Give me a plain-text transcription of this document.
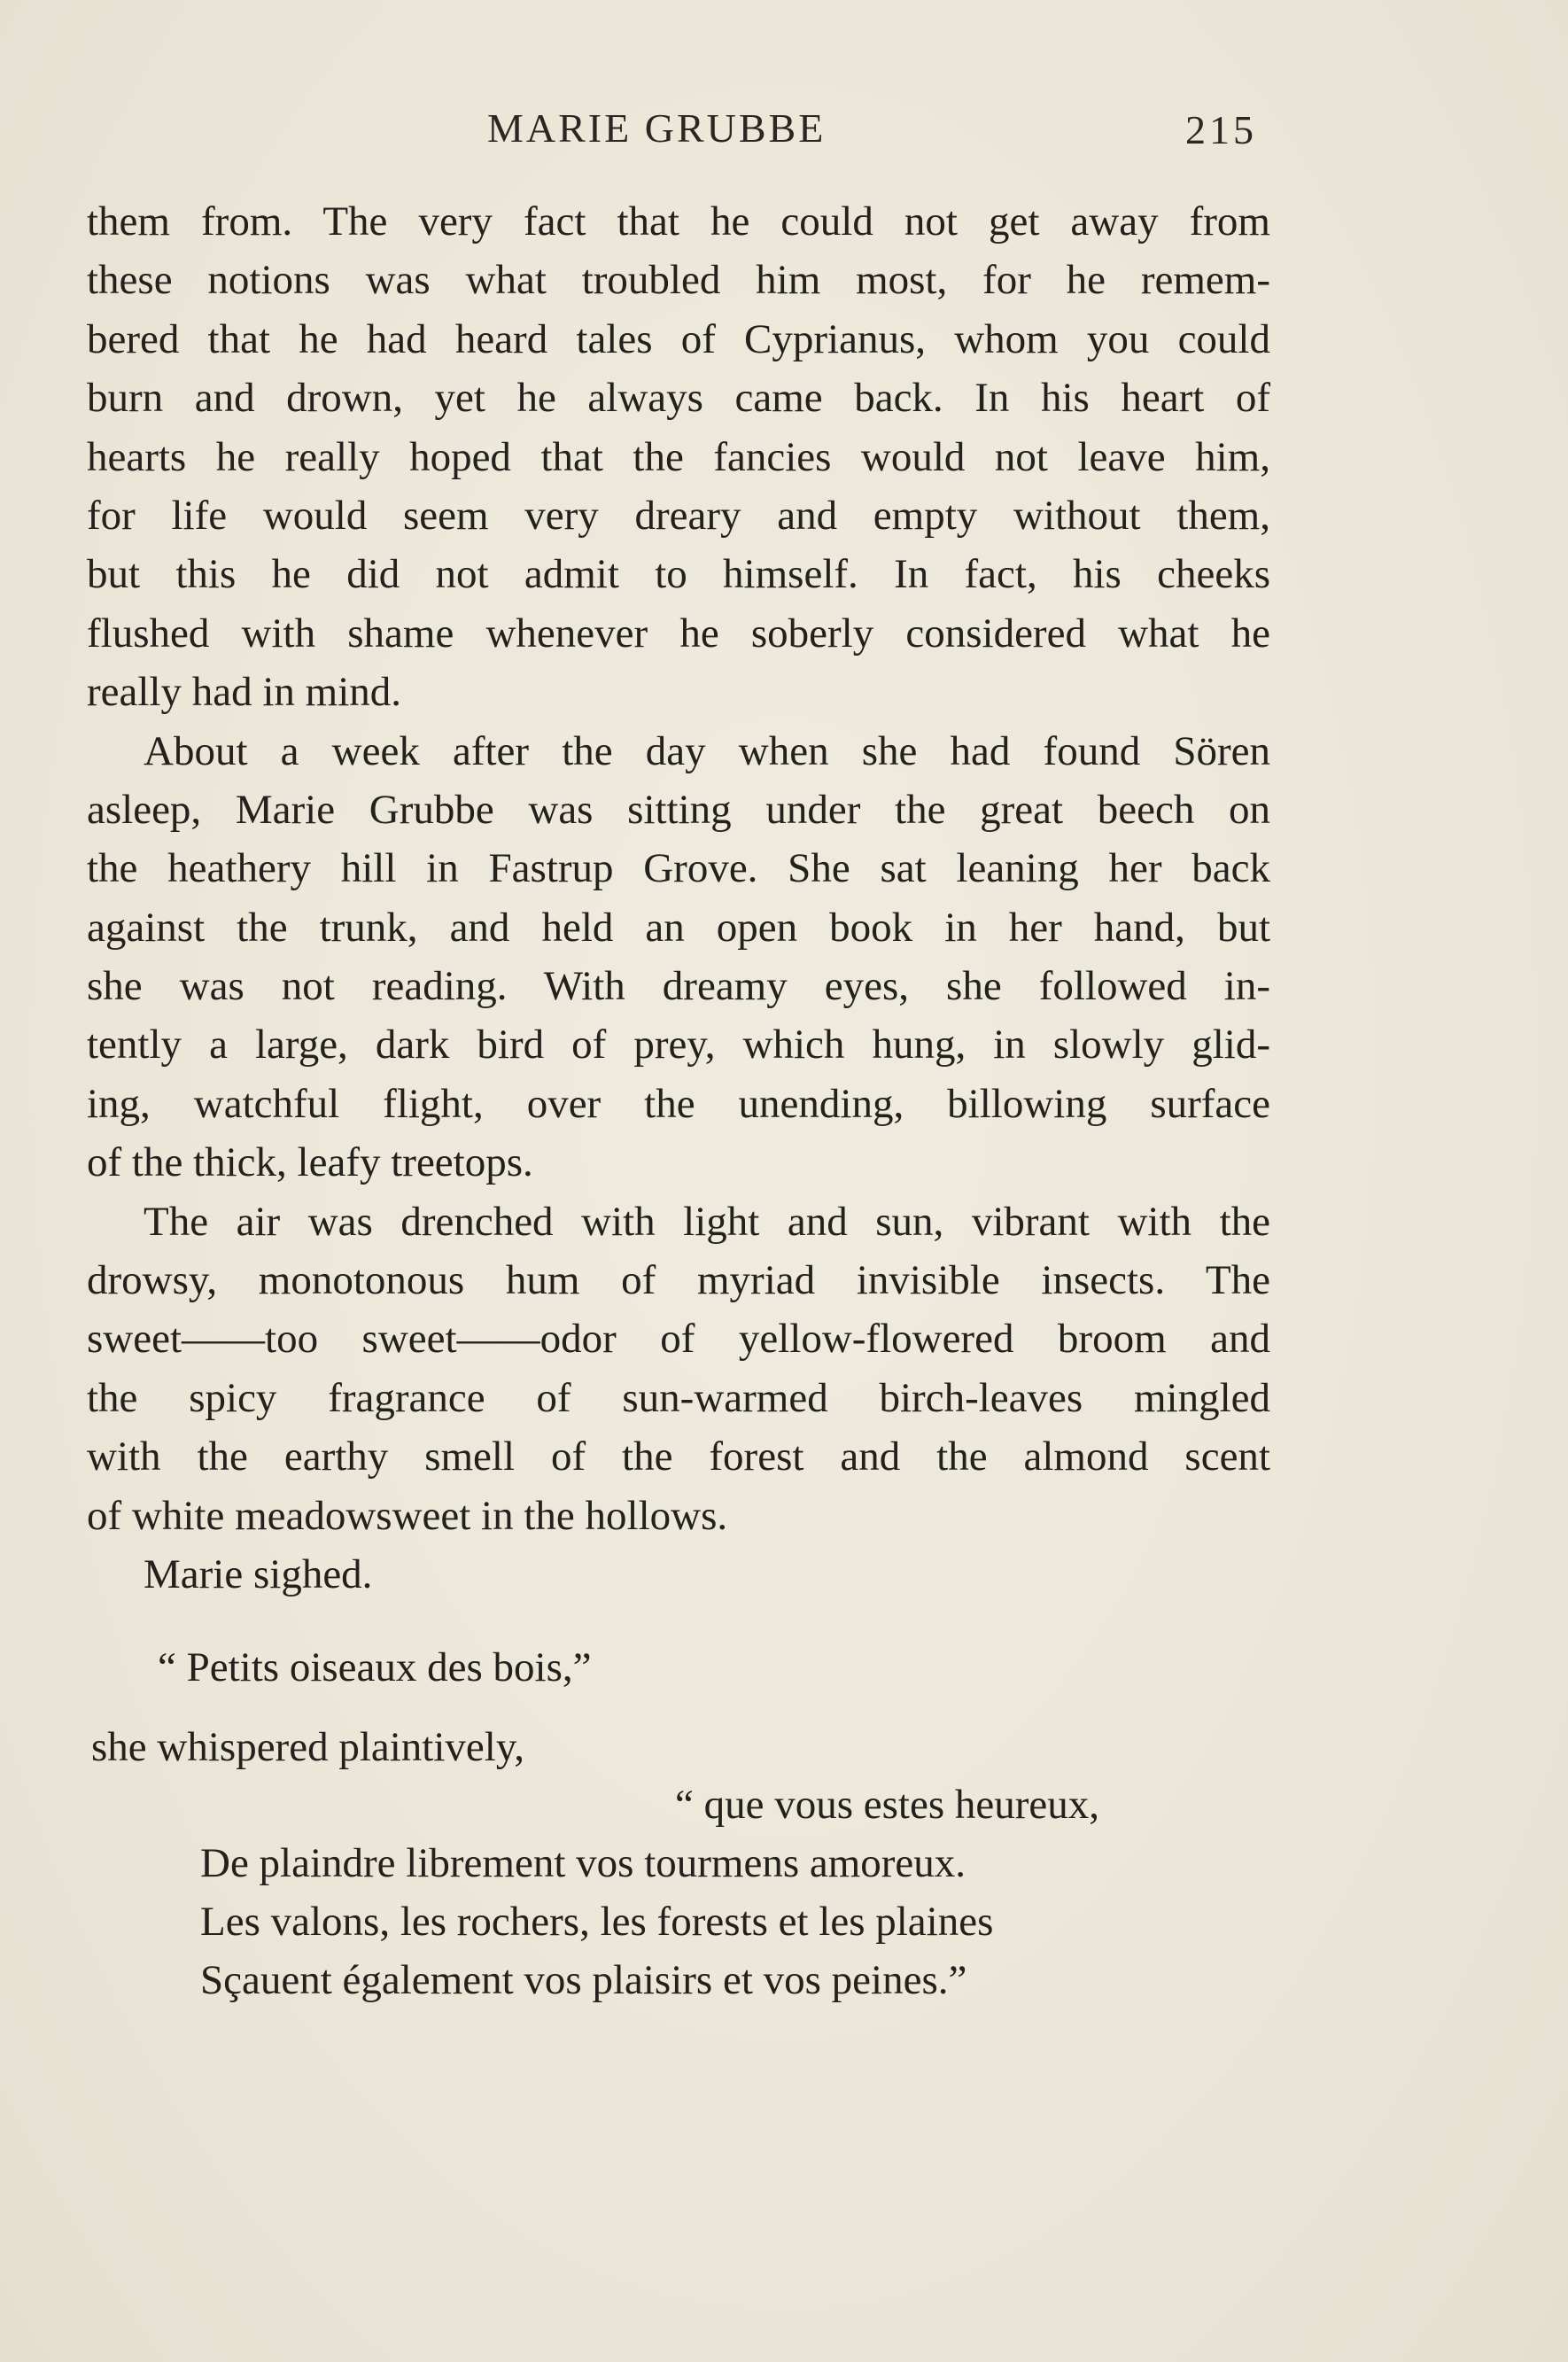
MARIE GRUBBE	215
them from. The very fact that he could not get away from
these notions was what troubled him most, for he remem-
bered that he had heard tales of Cyprianus, whom you could
burn and drown, yet he always came back. In his heart of
hearts he really hoped that the fancies would not leave him,
for life would seem very dreary and empty without them,
but this he did not admit to himself. In fact, his cheeks
flushed with shame whenever he soberly considered what he
really had in mind.
About a week after the day when she had found Sören
asleep, Marie Grubbe was sitting under the great beech on
the heathery hill in Fastrup Grove. She sat leaning her back
against the trunk, and held an open book in her hand, but
she was not reading. With dreamy eyes, she followed in-
tently a large, dark bird of prey, which hung, in slowly glid-
ing, watchful flight, over the unending, billowing surface
of the thick, leafy treetops.
The air was drenched with light and sun, vibrant with the
drowsy, monotonous hum of myriad invisible insects. The
sweet——too sweet——odor of yellow-flowered broom and
the spicy fragrance of sun-warmed birch-leaves mingled
with the earthy smell of the forest and the almond scent
of white meadowsweet in the hollows.
Marie sighed.
“ Petits oiseaux des bois,”
she whispered plaintively,
“ que vous estes heureux,
De plaindre librement vos tourmens amoreux.
Les valons, les rochers, les forests et les plaines
Sçauent également vos plaisirs et vos peines.”
